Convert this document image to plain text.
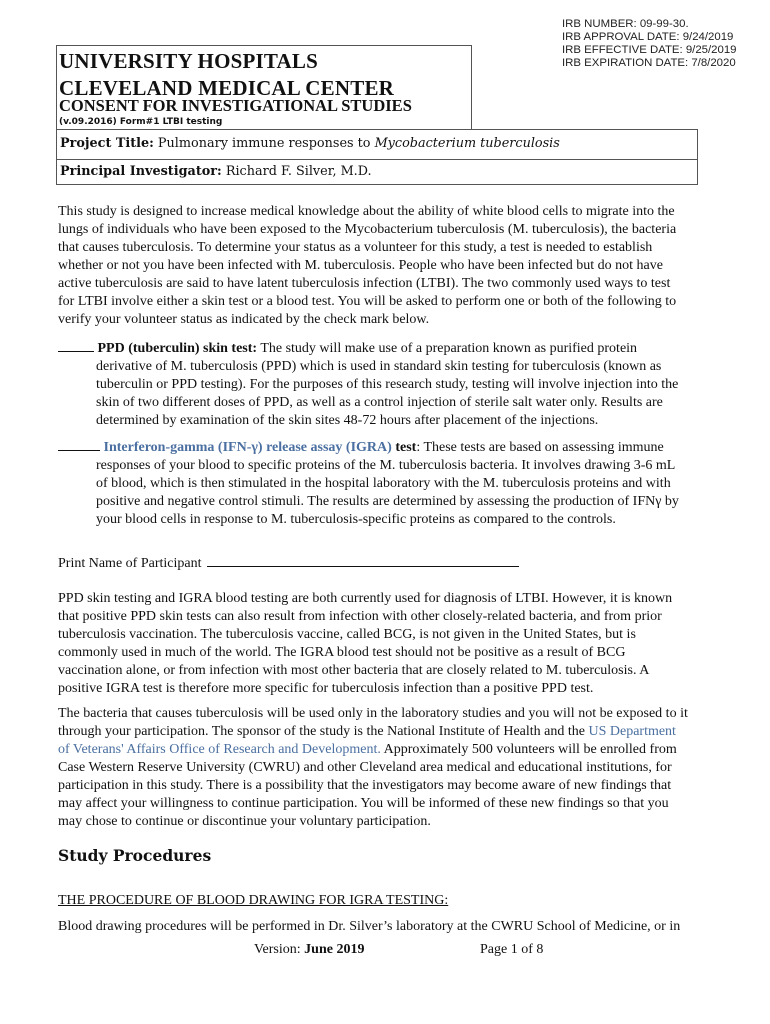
IRB NUMBER: 09-99-30.
IRB APPROVAL DATE: 9/24/2019
IRB EFFECTIVE DATE: 9/25/2019
IRB EXPIRATION DATE: 7/8/2020
UNIVERSITY HOSPITALS
CLEVELAND MEDICAL CENTER
CONSENT FOR INVESTIGATIONAL STUDIES
(v.09.2016) Form#1 LTBI testing
Project Title: Pulmonary immune responses to Mycobacterium tuberculosis
Principal Investigator: Richard F. Silver, M.D.
This study is designed to increase medical knowledge about the ability of white blood cells to migrate into the
lungs of individuals who have been exposed to the Mycobacterium tuberculosis (M. tuberculosis), the bacteria
that causes tuberculosis. To determine your status as a volunteer for this study, a test is needed to establish
whether or not you have been infected with M. tuberculosis. People who have been infected but do not have
active tuberculosis are said to have latent tuberculosis infection (LTBI). The two commonly used ways to test
for LTBI involve either a skin test or a blood test. You will be asked to perform one or both of the following to
verify your volunteer status as indicated by the check mark below.
PPD (tuberculin) skin test: The study will make use of a preparation known as purified protein
derivative of M. tuberculosis (PPD) which is used in standard skin testing for tuberculosis (known as
tuberculin or PPD testing). For the purposes of this research study, testing will involve injection into the
skin of two different doses of PPD, as well as a control injection of sterile salt water only. Results are
determined by examination of the skin sites 48-72 hours after placement of the injections.
Interferon-gamma (IFN-γ) release assay (IGRA) test: These tests are based on assessing immune
responses of your blood to specific proteins of the M. tuberculosis bacteria. It involves drawing 3-6 mL
of blood, which is then stimulated in the hospital laboratory with the M. tuberculosis proteins and with
positive and negative control stimuli. The results are determined by assessing the production of IFNγ by
your blood cells in response to M. tuberculosis-specific proteins as compared to the controls.
Print Name of Participant
PPD skin testing and IGRA blood testing are both currently used for diagnosis of LTBI. However, it is known
that positive PPD skin tests can also result from infection with other closely-related bacteria, and from prior
tuberculosis vaccination. The tuberculosis vaccine, called BCG, is not given in the United States, but is
commonly used in much of the world. The IGRA blood test should not be positive as a result of BCG
vaccination alone, or from infection with most other bacteria that are closely related to M. tuberculosis. A
positive IGRA test is therefore more specific for tuberculosis infection than a positive PPD test.
The bacteria that causes tuberculosis will be used only in the laboratory studies and you will not be exposed to it
through your participation. The sponsor of the study is the National Institute of Health and the US Department
of Veterans' Affairs Office of Research and Development. Approximately 500 volunteers will be enrolled from
Case Western Reserve University (CWRU) and other Cleveland area medical and educational institutions, for
participation in this study. There is a possibility that the investigators may become aware of new findings that
may affect your willingness to continue participation. You will be informed of these new findings so that you
may chose to continue or discontinue your voluntary participation.
Study Procedures
THE PROCEDURE OF BLOOD DRAWING FOR IGRA TESTING:
Blood drawing procedures will be performed in Dr. Silver’s laboratory at the CWRU School of Medicine, or in
Version: June 2019	Page 1 of 8
